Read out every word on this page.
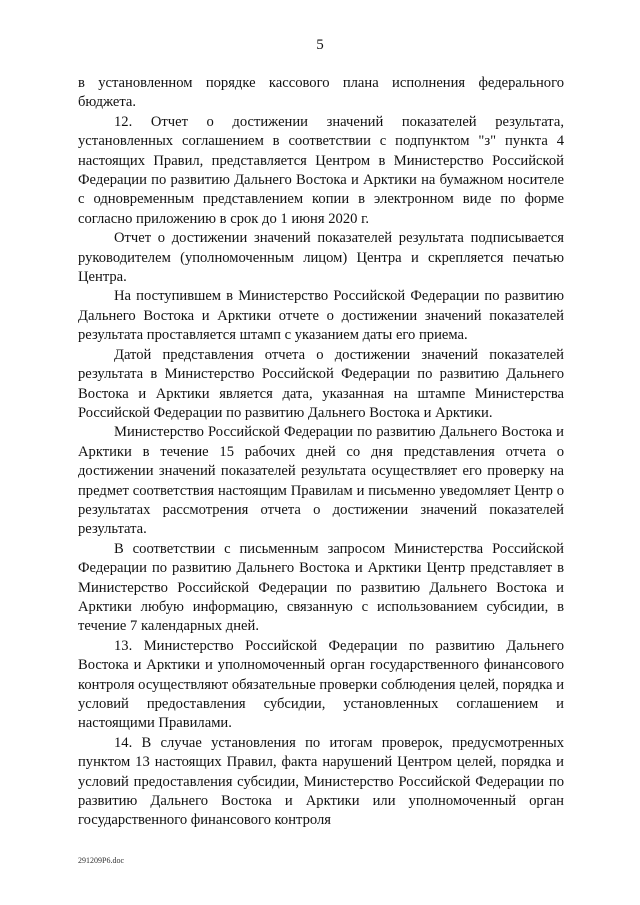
5

в установленном порядке кассового плана исполнения федерального бюджета.

12. Отчет о достижении значений показателей результата, установленных соглашением в соответствии с подпунктом "з" пункта 4 настоящих Правил, представляется Центром в Министерство Российской Федерации по развитию Дальнего Востока и Арктики на бумажном носителе с одновременным представлением копии в электронном виде по форме согласно приложению в срок до 1 июня 2020 г.

Отчет о достижении значений показателей результата подписывается руководителем (уполномоченным лицом) Центра и скрепляется печатью Центра.

На поступившем в Министерство Российской Федерации по развитию Дальнего Востока и Арктики отчете о достижении значений показателей результата проставляется штамп с указанием даты его приема.

Датой представления отчета о достижении значений показателей результата в Министерство Российской Федерации по развитию Дальнего Востока и Арктики является дата, указанная на штампе Министерства Российской Федерации по развитию Дальнего Востока и Арктики.

Министерство Российской Федерации по развитию Дальнего Востока и Арктики в течение 15 рабочих дней со дня представления отчета о достижении значений показателей результата осуществляет его проверку на предмет соответствия настоящим Правилам и письменно уведомляет Центр о результатах рассмотрения отчета о достижении значений показателей результата.

В соответствии с письменным запросом Министерства Российской Федерации по развитию Дальнего Востока и Арктики Центр представляет в Министерство Российской Федерации по развитию Дальнего Востока и Арктики любую информацию, связанную с использованием субсидии, в течение 7 календарных дней.

13. Министерство Российской Федерации по развитию Дальнего Востока и Арктики и уполномоченный орган государственного финансового контроля осуществляют обязательные проверки соблюдения целей, порядка и условий предоставления субсидии, установленных соглашением и настоящими Правилами.

14. В случае установления по итогам проверок, предусмотренных пунктом 13 настоящих Правил, факта нарушений Центром целей, порядка и условий предоставления субсидии, Министерство Российской Федерации по развитию Дальнего Востока и Арктики или уполномоченный орган государственного финансового контроля

291209Р6.doc
